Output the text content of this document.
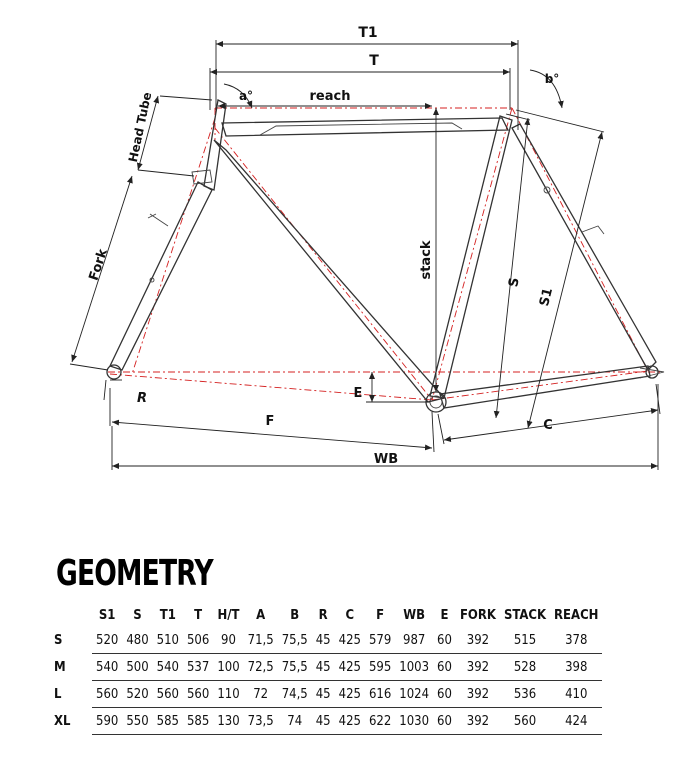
T1
T
reach
a°
b°
Head Tube
Fork	stack
S
S1
R	E
F	C
WB
GEOMETRY
	S1	S	T1	T	H/T	A	B	R	C	F	WB	E	FORK	STACK	REACH
S	520	480	510	506	90	71,5	75,5	45	425	579	987	60	392	515	378
M	540	500	540	537	100	72,5	75,5	45	425	595	1003	60	392	528	398
L	560	520	560	560	110	72	74,5	45	425	616	1024	60	392	536	410
XL	590	550	585	585	130	73,5	74	45	425	622	1030	60	392	560	424
